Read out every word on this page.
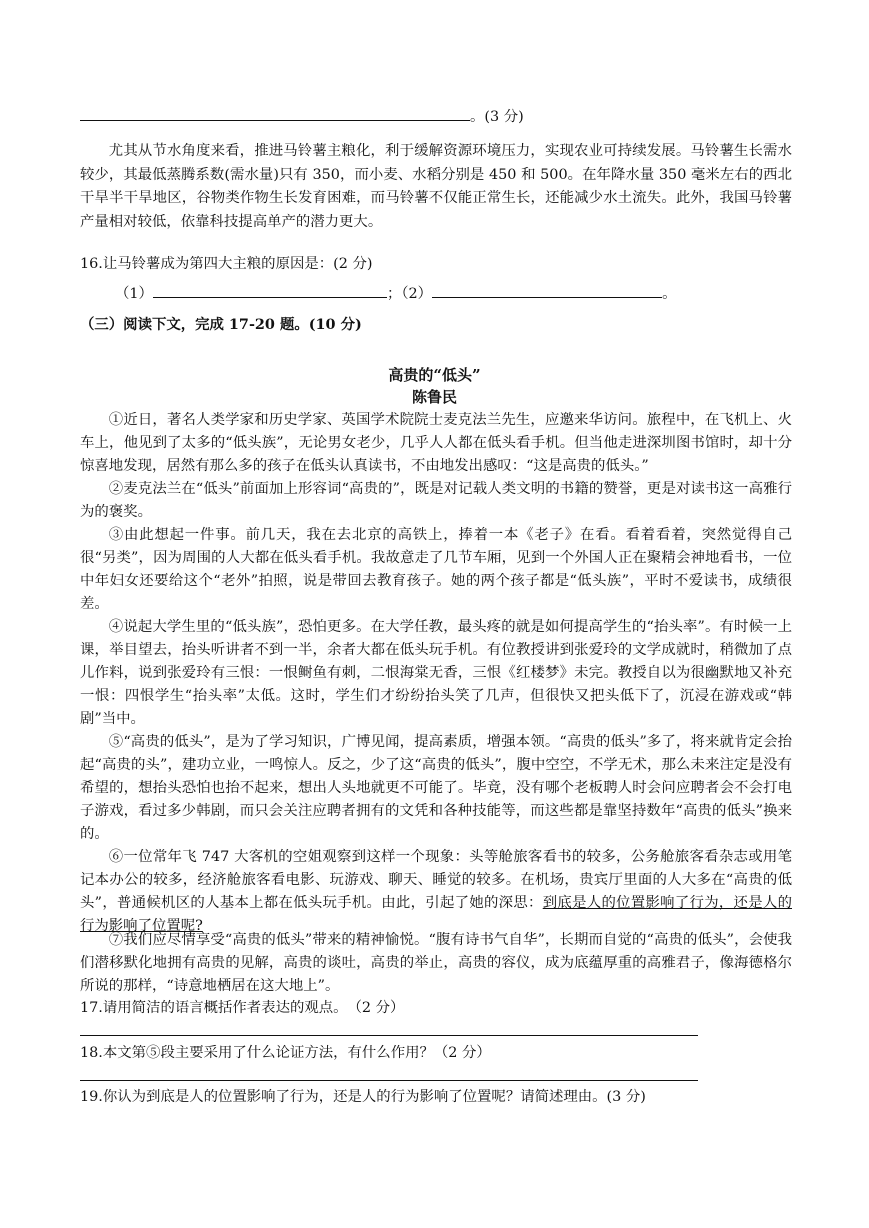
。(3 分)
尤其从节水角度来看，推进马铃薯主粮化，利于缓解资源环境压力，实现农业可持续发展。马铃薯生长需水较少，其最低蒸腾系数(需水量)只有 350，而小麦、水稻分别是 450 和 500。在年降水量 350 毫米左右的西北干旱半干旱地区，谷物类作物生长发育困难，而马铃薯不仅能正常生长，还能减少水土流失。此外，我国马铃薯产量相对较低，依靠科技提高单产的潜力更大。
16.让马铃薯成为第四大主粮的原因是：(2 分)
（1）	；（2）	。
（三）阅读下文，完成 17-20 题。(10 分)
高贵的“低头”
陈鲁民
①近日，著名人类学家和历史学家、英国学术院院士麦克法兰先生，应邀来华访问。旅程中，在飞机上、火车上，他见到了太多的“低头族”，无论男女老少，几乎人人都在低头看手机。但当他走进深圳图书馆时，却十分惊喜地发现，居然有那么多的孩子在低头认真读书，不由地发出感叹：“这是高贵的低头。”
②麦克法兰在“低头”前面加上形容词“高贵的”，既是对记载人类文明的书籍的赞誉，更是对读书这一高雅行为的褒奖。
③由此想起一件事。前几天，我在去北京的高铁上，捧着一本《老子》在看。看着看着，突然觉得自己很“另类”，因为周围的人大都在低头看手机。我故意走了几节车厢，见到一个外国人正在聚精会神地看书，一位中年妇女还要给这个“老外”拍照，说是带回去教育孩子。她的两个孩子都是“低头族”，平时不爱读书，成绩很差。
④说起大学生里的“低头族”，恐怕更多。在大学任教，最头疼的就是如何提高学生的“抬头率”。有时候一上课，举目望去，抬头听讲者不到一半，余者大都在低头玩手机。有位教授讲到张爱玲的文学成就时，稍微加了点儿作料，说到张爱玲有三恨：一恨鲥鱼有刺，二恨海棠无香，三恨《红楼梦》未完。教授自以为很幽默地又补充一恨：四恨学生“抬头率”太低。这时，学生们才纷纷抬头笑了几声，但很快又把头低下了，沉浸在游戏或“韩剧”当中。
⑤“高贵的低头”，是为了学习知识，广博见闻，提高素质，增强本领。“高贵的低头”多了，将来就肯定会抬起“高贵的头”，建功立业，一鸣惊人。反之，少了这“高贵的低头”，腹中空空，不学无术，那么未来注定是没有希望的，想抬头恐怕也抬不起来，想出人头地就更不可能了。毕竟，没有哪个老板聘人时会问应聘者会不会打电子游戏，看过多少韩剧，而只会关注应聘者拥有的文凭和各种技能等，而这些都是靠坚持数年“高贵的低头”换来的。
⑥一位常年飞 747 大客机的空姐观察到这样一个现象：头等舱旅客看书的较多，公务舱旅客看杂志或用笔记本办公的较多，经济舱旅客看电影、玩游戏、聊天、睡觉的较多。在机场，贵宾厅里面的人大多在“高贵的低头”，普通候机区的人基本上都在低头玩手机。由此，引起了她的深思：到底是人的位置影响了行为，还是人的行为影响了位置呢?
⑦我们应尽情享受“高贵的低头”带来的精神愉悦。“腹有诗书气自华”，长期而自觉的“高贵的低头”，会使我们潜移默化地拥有高贵的见解，高贵的谈吐，高贵的举止，高贵的容仪，成为底蕴厚重的高雅君子，像海德格尔所说的那样，“诗意地栖居在这大地上”。
17.请用简洁的语言概括作者表达的观点。　（2 分）
18.本文第⑤段主要采用了什么论证方法，有什么作用？（2 分）
19.你认为到底是人的位置影响了行为，还是人的行为影响了位置呢？请简述理由。(3 分)
